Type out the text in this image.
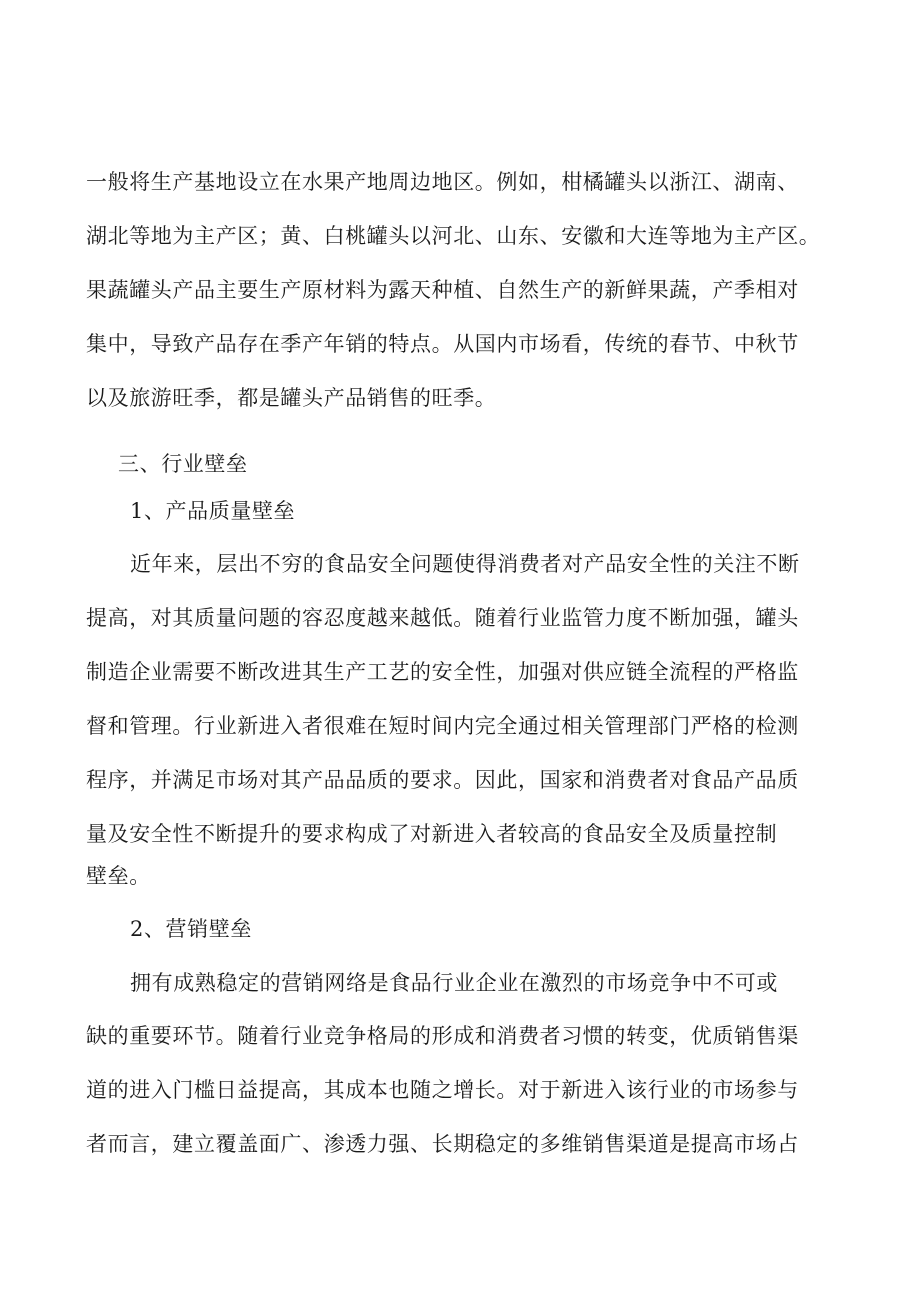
一般将生产基地设立在水果产地周边地区。例如，柑橘罐头以浙江、湖南、
湖北等地为主产区；黄、白桃罐头以河北、山东、安徽和大连等地为主产区。
果蔬罐头产品主要生产原材料为露天种植、自然生产的新鲜果蔬，产季相对
集中，导致产品存在季产年销的特点。从国内市场看，传统的春节、中秋节
以及旅游旺季，都是罐头产品销售的旺季。
三、行业壁垒
1、产品质量壁垒
近年来，层出不穷的食品安全问题使得消费者对产品安全性的关注不断
提高，对其质量问题的容忍度越来越低。随着行业监管力度不断加强，罐头
制造企业需要不断改进其生产工艺的安全性，加强对供应链全流程的严格监
督和管理。行业新进入者很难在短时间内完全通过相关管理部门严格的检测
程序，并满足市场对其产品品质的要求。因此，国家和消费者对食品产品质
量及安全性不断提升的要求构成了对新进入者较高的食品安全及质量控制
壁垒。
2、营销壁垒
拥有成熟稳定的营销网络是食品行业企业在激烈的市场竞争中不可或
缺的重要环节。随着行业竞争格局的形成和消费者习惯的转变，优质销售渠
道的进入门槛日益提高，其成本也随之增长。对于新进入该行业的市场参与
者而言，建立覆盖面广、渗透力强、长期稳定的多维销售渠道是提高市场占
